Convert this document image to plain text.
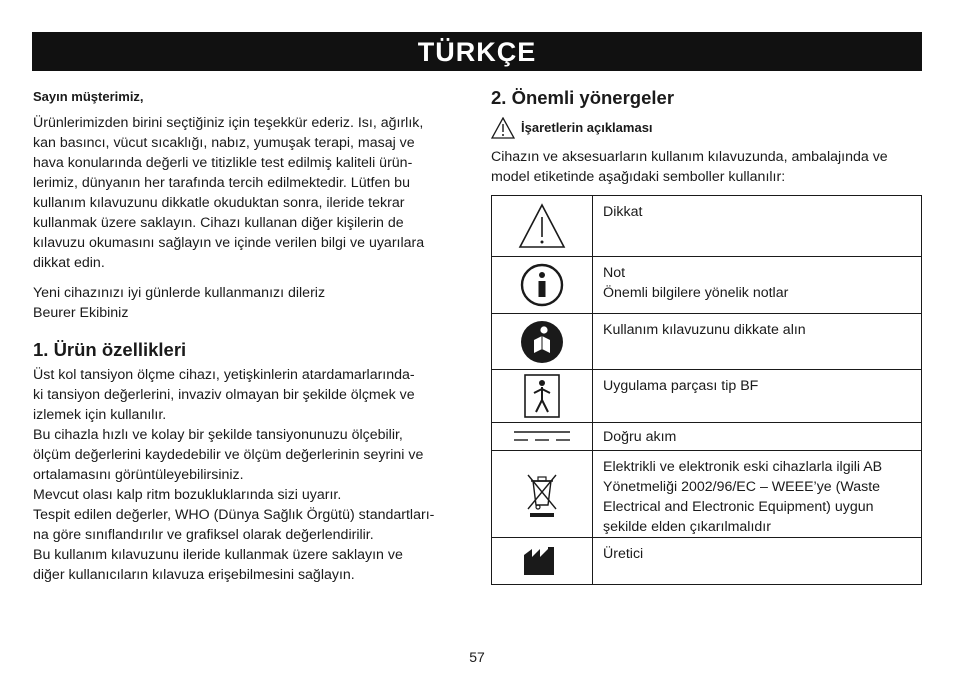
TÜRKÇE

Sayın müşterimiz,

Ürünlerimizden birini seçtiğiniz için teşekkür ederiz. Isı, ağırlık,
kan basıncı, vücut sıcaklığı, nabız, yumuşak terapi, masaj ve
hava konularında değerli ve titizlikle test edilmiş kaliteli ürün-
lerimiz, dünyanın her tarafında tercih edilmektedir. Lütfen bu
kullanım kılavuzunu dikkatle okuduktan sonra, ileride tekrar
kullanmak üzere saklayın. Cihazı kullanan diğer kişilerin de
kılavuzu okumasını sağlayın ve içinde verilen bilgi ve uyarılara
dikkat edin.

Yeni cihazınızı iyi günlerde kullanmanızı dileriz
Beurer Ekibiniz

1. Ürün özellikleri

Üst kol tansiyon ölçme cihazı, yetişkinlerin atardamarlarında-
ki tansiyon değerlerini, invaziv olmayan bir şekilde ölçmek ve
izlemek için kullanılır.
Bu cihazla hızlı ve kolay bir şekilde tansiyonunuzu ölçebilir,
ölçüm değerlerini kaydedebilir ve ölçüm değerlerinin seyrini ve
ortalamasını görüntüleyebilirsiniz.
Mevcut olası kalp ritm bozukluklarında sizi uyarır.
Tespit edilen değerler, WHO (Dünya Sağlık Örgütü) standartları-
na göre sınıflandırılır ve grafiksel olarak değerlendirilir.
Bu kullanım kılavuzunu ileride kullanmak üzere saklayın ve
diğer kullanıcıların kılavuza erişebilmesini sağlayın.

2. Önemli yönergeler
İşaretlerin açıklaması

Cihazın ve aksesuarların kullanım kılavuzunda, ambalajında ve
model etiketinde aşağıdaki semboller kullanılır:

Dikkat

Not
Önemli bilgilere yönelik notlar

Kullanım kılavuzunu dikkate alın

Uygulama parçası tip BF

Doğru akım

Elektrikli ve elektronik eski cihazlarla ilgili AB
Yönetmeliği 2002/96/EC – WEEE’ye (Waste
Electrical and Electronic Equipment) uygun
şekilde elden çıkarılmalıdır

Üretici
57
